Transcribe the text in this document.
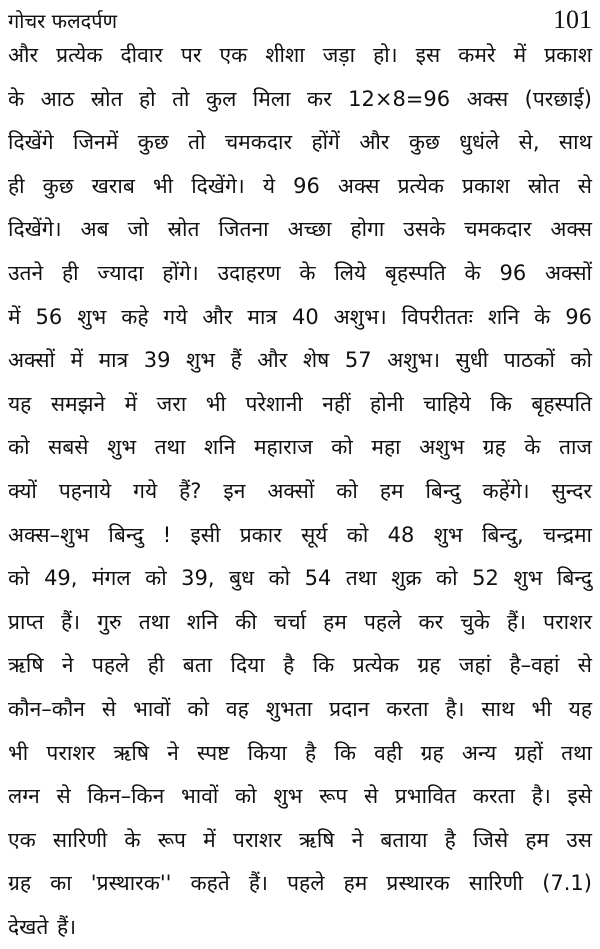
गोचर फलदर्पण	101
और प्रत्येक दीवार पर एक शीशा जड़ा हो। इस कमरे में प्रकाश
के आठ स्रोत हो तो कुल मिला कर 12×8=96 अक्स (परछाई)
दिखेंगे जिनमें कुछ तो चमकदार होंगें और कुछ धुधंले से, साथ
ही कुछ खराब भी दिखेंगे। ये 96 अक्स प्रत्येक प्रकाश स्रोत से
दिखेंगे। अब जो स्रोत जितना अच्छा होगा उसके चमकदार अक्स
उतने ही ज्यादा होंगे। उदाहरण के लिये बृहस्पति के 96 अक्सों
में 56 शुभ कहे गये और मात्र 40 अशुभ। विपरीततः शनि के 96
अक्सों में मात्र 39 शुभ हैं और शेष 57 अशुभ। सुधी पाठकों को
यह समझने में जरा भी परेशानी नहीं होनी चाहिये कि बृहस्पति
को सबसे शुभ तथा शनि महाराज को महा अशुभ ग्रह के ताज
क्यों पहनाये गये हैं? इन अक्सों को हम बिन्दु कहेंगे। सुन्दर
अक्स–शुभ बिन्दु ! इसी प्रकार सूर्य को 48 शुभ बिन्दु, चन्द्रमा
को 49, मंगल को 39, बुध को 54 तथा शुक्र को 52 शुभ बिन्दु
प्राप्त हैं। गुरु तथा शनि की चर्चा हम पहले कर चुके हैं। पराशर
ऋषि ने पहले ही बता दिया है कि प्रत्येक ग्रह जहां है–वहां से
कौन–कौन से भावों को वह शुभता प्रदान करता है। साथ भी यह
भी पराशर ऋषि ने स्पष्ट किया है कि वही ग्रह अन्य ग्रहों तथा
लग्न से किन–किन भावों को शुभ रूप से प्रभावित करता है। इसे
एक सारिणी के रूप में पराशर ऋषि ने बताया है जिसे हम उस
ग्रह का 'प्रस्थारक'' कहते हैं। पहले हम प्रस्थारक सारिणी (7.1)
देखते हैं।
